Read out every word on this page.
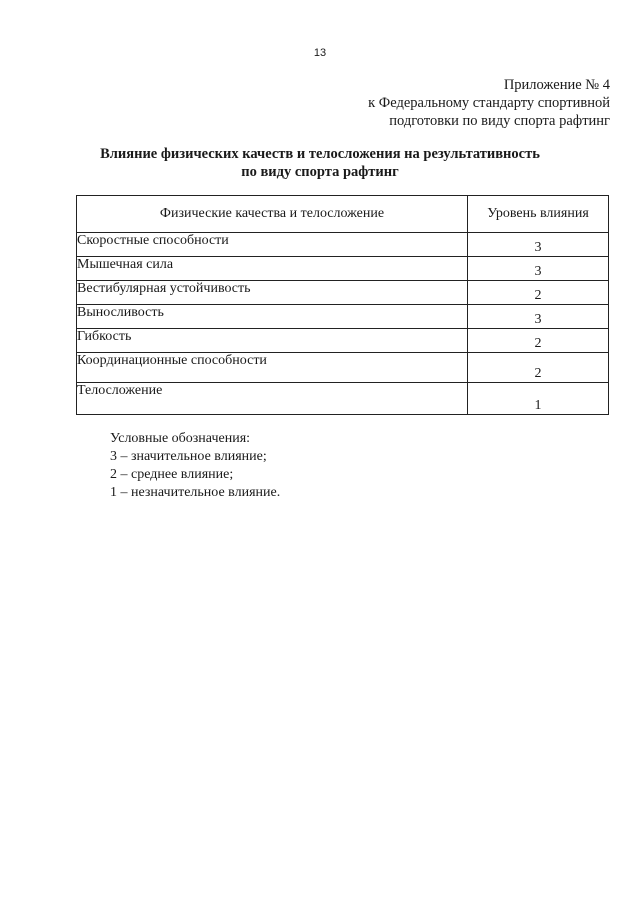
13
Приложение № 4
к Федеральному стандарту спортивной
подготовки по виду спорта рафтинг
Влияние физических качеств и телосложения на результативность
по виду спорта рафтинг
Физические качества и телосложение	Уровень влияния
Скоростные способности	3
Мышечная сила	3
Вестибулярная устойчивость	2
Выносливость	3
Гибкость	2
Координационные способности	2
Телосложение	1
Условные обозначения:
3 – значительное влияние;
2 – среднее влияние;
1 – незначительное влияние.
